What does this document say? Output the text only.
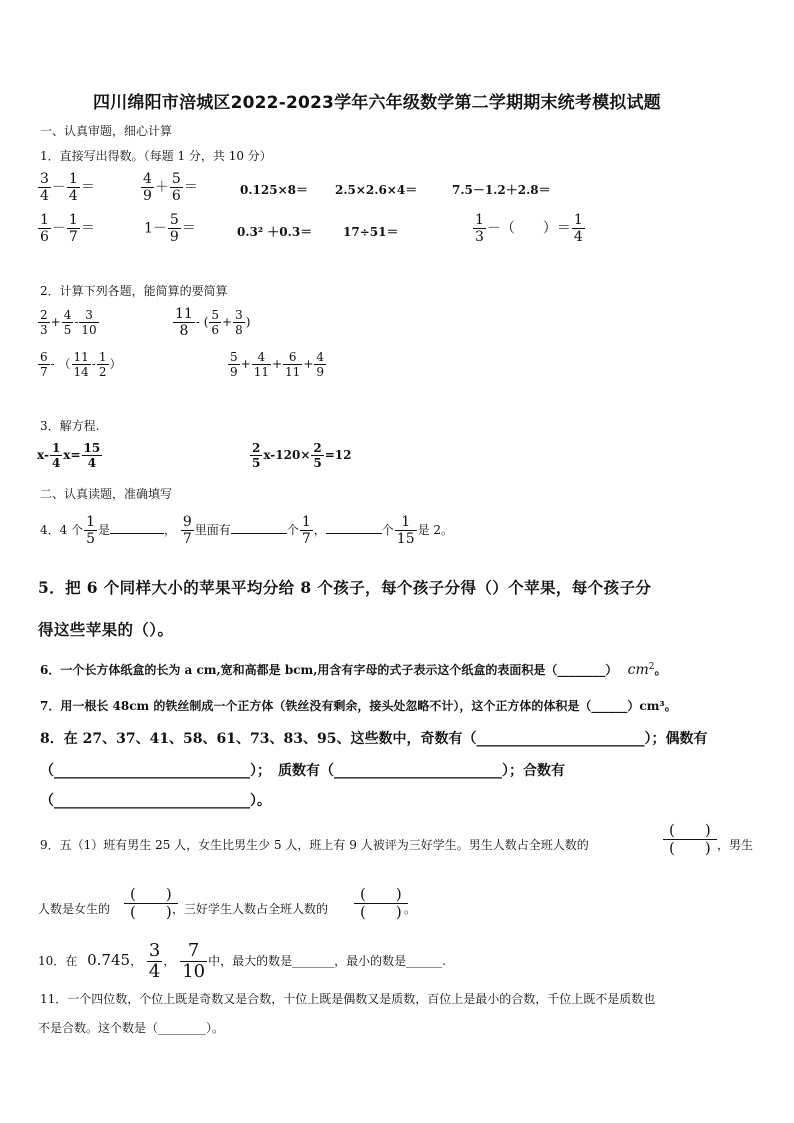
四川绵阳市涪城区2022-2023学年六年级数学第二学期期末统考模拟试题
一、认真审题，细心计算
1．直接写出得数。（每题 1 分，共 10 分）
$\frac{3}{4} - \frac{1}{4}$ ＝	$\frac{4}{9} + \frac{5}{6}$ ＝	0.125×8＝ 2.5×2.6×4＝	7.5－1.2＋2.8＝
$\frac{1}{6} - \frac{1}{7}$ ＝	$1- \frac{5}{9}$ ＝	0.3² ＋0.3＝	17÷51＝	$\frac{1}{3}$ －（　　）＝ $\frac{1}{4}$
2．计算下列各题，能简算的要简算
$\frac{2}{3} + \frac{4}{5} - \frac{3}{10}$	$\frac{11}{8}$ - ( $\frac{5}{6} + \frac{3}{8}$ )
$\frac{6}{7}$ - （ $\frac{11}{14} - \frac{1}{2}$ ）	$\frac{5}{9} + \frac{4}{11} + \frac{6}{11} + \frac{4}{9}$
3．解方程.
$x- \frac{1}{4} x= \frac{15}{4}$	$\frac{2}{5} x-120\times \frac{2}{5} =12$
二、认真读题，准确填写
4．4 个 $\frac{1}{5}$ 是	， $\frac{9}{7}$ 里面有	个 $\frac{1}{7}$ ，	个 $\frac{1}{15}$ 是 2。
5．把 6 个同样大小的苹果平均分给 8 个孩子，每个孩子分得（）个苹果，每个孩子分
得这些苹果的（）。
6．一个长方体纸盒的长为 a cm,宽和高都是 bcm,用含有字母的式子表示这个纸盒的表面积是（________） $cm^2$。
7．用一根长 48cm 的铁丝制成一个正方体（铁丝没有剩余，接头处忽略不计），这个正方体的体积是（______）cm³。
8．在 27、37、41、58、61、73、83、95、这些数中，奇数有（________________________）；偶数有
（____________________________）；　质数有（________________________）；合数有
（____________________________）。
9．五（1）班有男生 25 人，女生比男生少 5 人，班上有 9 人被评为三好学生。男生人数占全班人数的
(　　)
(　　) ，男生
人数是女生的
(　　)
(　　) ，三好学生人数占全班人数的
(　　)
(　　) 。
10．在 0.745， $\frac{3}{4}$ ， $\frac{7}{10}$ 中，最大的数是_______，最小的数是______.
11．一个四位数，个位上既是奇数又是合数，十位上既是偶数又是质数，百位上是最小的合数，千位上既不是质数也
不是合数。这个数是（________）。
